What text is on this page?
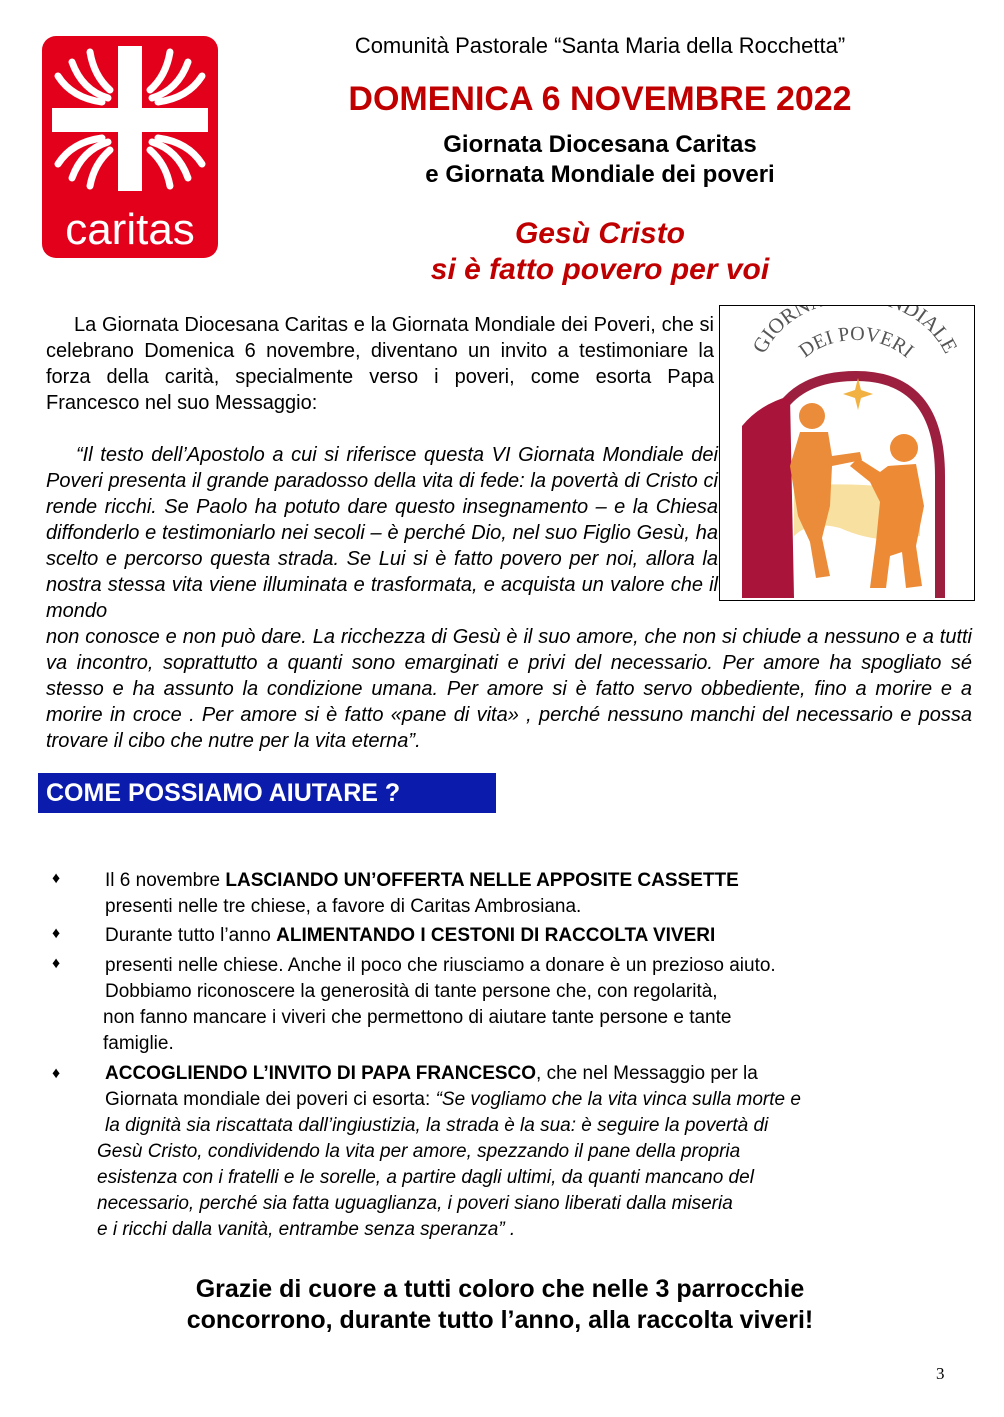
caritas
Comunità Pastorale “Santa Maria della Rocchetta”
DOMENICA 6 NOVEMBRE 2022
Giornata Diocesana Caritas
e Giornata Mondiale dei poveri
Gesù Cristo
si è fatto povero per voi
GIORN DIALE
DEI POVERI

La Giornata Diocesana Caritas e la Giornata Mondiale dei Poveri, che si celebrano Domenica 6 novembre, diventano un invito a testimoniare la forza della carità, specialmente verso i poveri, come esorta Papa Francesco nel suo Messaggio:

“Il testo dell’Apostolo a cui si riferisce questa VI Giornata Mondiale dei Poveri presenta il grande paradosso della vita di fede: la povertà di Cristo ci rende ricchi. Se Paolo ha potuto dare questo insegnamento – e la Chiesa diffonderlo e testimoniarlo nei secoli – è perché Dio, nel suo Figlio Gesù, ha scelto e percorso questa strada. Se Lui si è fatto povero per noi, allora la nostra stessa vita viene illuminata e trasformata, e acquista un valore che il mondo

non conosce e non può dare. La ricchezza di Gesù è il suo amore, che non si chiude a nessuno e a tutti va incontro, soprattutto a quanti sono emarginati e privi del necessario. Per amore ha spogliato sé stesso e ha assunto la condizione umana. Per amore si è fatto servo obbediente, fino a morire e a morire in croce . Per amore si è fatto «pane di vita» , perché nessuno manchi del necessario e possa trovare il cibo che nutre per la vita eterna”.

COME POSSIAMO AIUTARE ?
♦ Il 6 novembre LASCIANDO UN’OFFERTA NELLE APPOSITE CASSETTE
presenti nelle tre chiese, a favore di Caritas Ambrosiana.
♦ Durante tutto l’anno ALIMENTANDO I CESTONI DI RACCOLTA VIVERI
♦ presenti nelle chiese. Anche il poco che riusciamo a donare è un prezioso aiuto.
Dobbiamo riconoscere la generosità di tante persone che, con regolarità,
non fanno mancare i viveri che permettono di aiutare tante persone e tante
famiglie.
♦ ACCOGLIENDO L’INVITO DI PAPA FRANCESCO, che nel Messaggio per la
Giornata mondiale dei poveri ci esorta: “Se vogliamo che la vita vinca sulla morte e
la dignità sia riscattata dall’ingiustizia, la strada è la sua: è seguire la povertà di
Gesù Cristo, condividendo la vita per amore, spezzando il pane della propria
esistenza con i fratelli e le sorelle, a partire dagli ultimi, da quanti mancano del
necessario, perché sia fatta uguaglianza, i poveri siano liberati dalla miseria
e i ricchi dalla vanità, entrambe senza speranza” .
Grazie di cuore a tutti coloro che nelle 3 parrocchie
concorrono, durante tutto l’anno, alla raccolta viveri!
3
